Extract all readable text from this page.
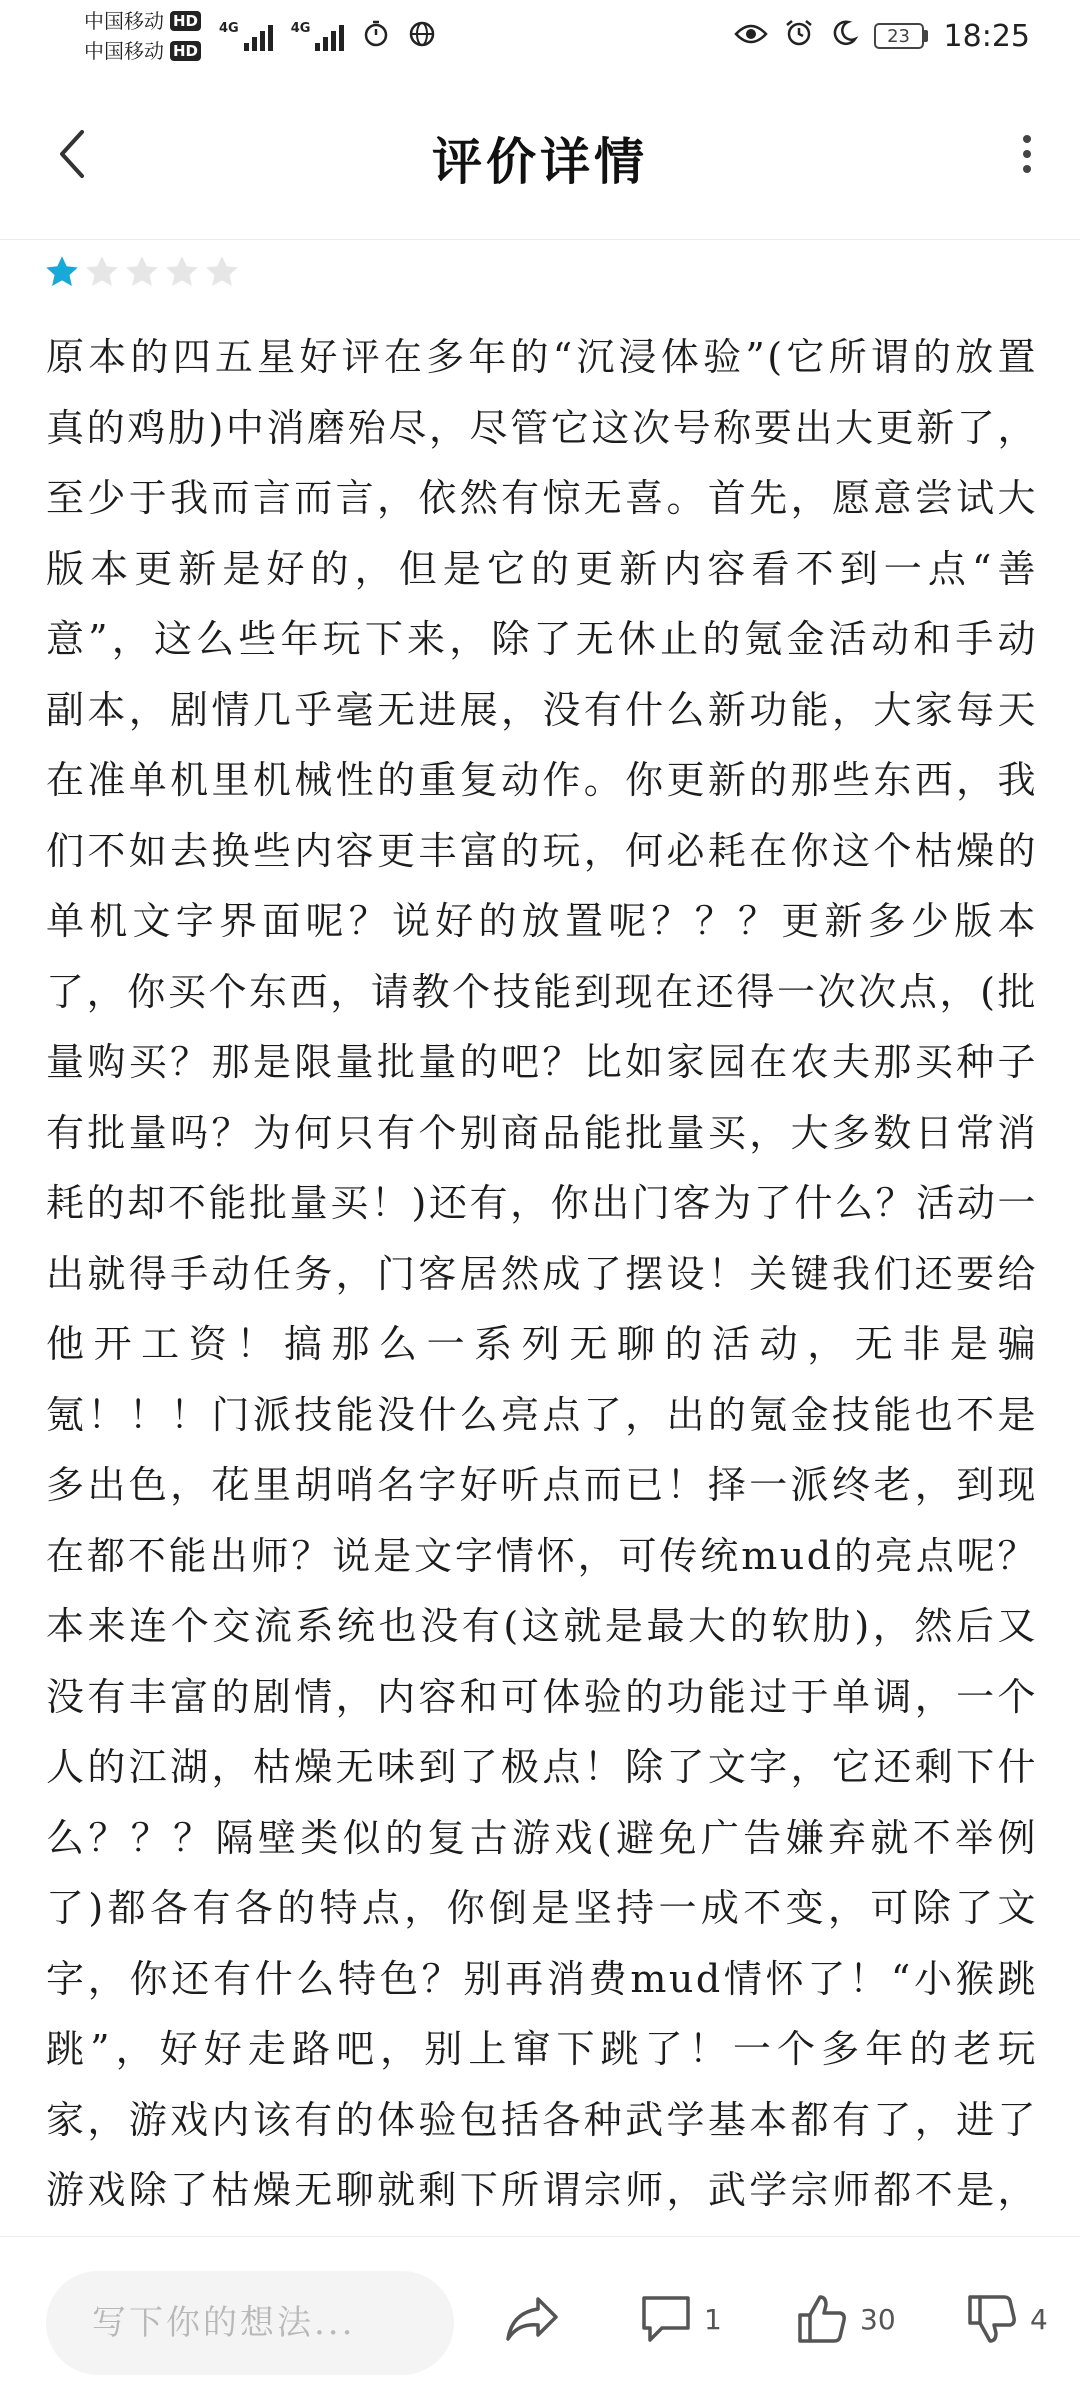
中国移动 HD
中国移动 HD
4G	4G	23	18:25
评价详情

原本的四五星好评在多年的“沉浸体验”(它所谓的放置真的鸡肋)中消磨殆尽，尽管它这次号称要出大更新了，至少于我而言而言，依然有惊无喜。首先，愿意尝试大版本更新是好的，但是它的更新内容看不到一点“善意”，这么些年玩下来，除了无休止的氪金活动和手动副本，剧情几乎毫无进展，没有什么新功能，大家每天在准单机里机械性的重复动作。你更新的那些东西，我们不如去换些内容更丰富的玩，何必耗在你这个枯燥的单机文字界面呢？说好的放置呢？？？更新多少版本了，你买个东西，请教个技能到现在还得一次次点，(批量购买？那是限量批量的吧？比如家园在农夫那买种子有批量吗？为何只有个别商品能批量买，大多数日常消耗的却不能批量买！)还有，你出门客为了什么？活动一出就得手动任务，门客居然成了摆设！关键我们还要给他开工资！搞那么一系列无聊的活动，无非是骗氪！！！门派技能没什么亮点了，出的氪金技能也不是多出色，花里胡哨名字好听点而已！择一派终老，到现在都不能出师？说是文字情怀，可传统mud的亮点呢？本来连个交流系统也没有(这就是最大的软肋)，然后又没有丰富的剧情，内容和可体验的功能过于单调，一个人的江湖，枯燥无味到了极点！除了文字，它还剩下什么？？？隔壁类似的复古游戏(避免广告嫌弃就不举例了)都各有各的特点，你倒是坚持一成不变，可除了文字，你还有什么特色？别再消费mud情怀了！“小猴跳跳”，好好走路吧，别上窜下跳了！一个多年的老玩家，游戏内该有的体验包括各种武学基本都有了，进了游戏除了枯燥无聊就剩下所谓宗师，武学宗师都不是，

写下你的想法...
1	30	4
